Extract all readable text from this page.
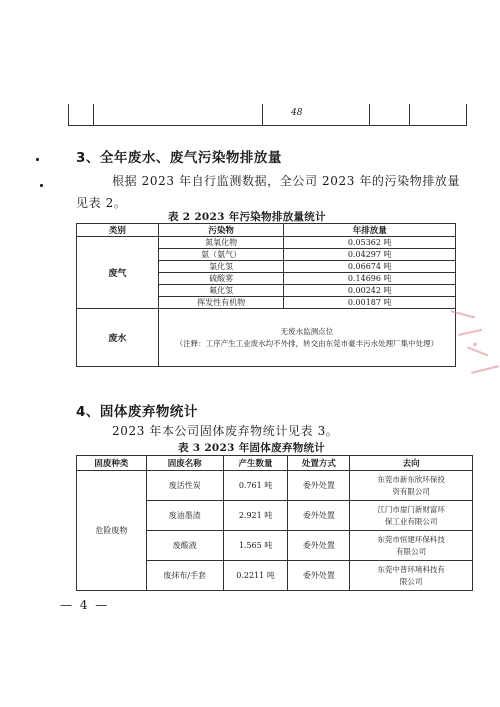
48
3、全年废水、废气污染物排放量
根据 2023 年自行监测数据，全公司 2023 年的污染物排放量
见表 2。
表 2 2023 年污染物排放量统计
类别	污染物	年排放量
废气	氮氧化物	0.05362 吨
	氨（氨气）	0.04297 吨
	氯化氢	0.06674 吨
	硫酸雾	0.14696 吨
	氟化氢	0.00242 吨
	挥发性有机物	0.00187 吨
废水	无废水监测点位
（注释：工序产生工业废水均不外排，转交由东莞市豪丰污水处理厂集中处理）	
4、固体废弃物统计
2023 年本公司固体废弃物统计见表 3。
表 3 2023 年固体废弃物统计
固废种类	固废名称	产生数量	处置方式	去向
危险废物	废活性炭	0.761 吨	委外处置	东莞市新东欣环保投
资有限公司

	废油墨渣	2.921 吨	委外处置	江门市崖门新财富环
保工业有限公司

	废酸液	1.565 吨	委外处置	东莞市恒建环保科技
有限公司

	废抹布/手套	0.2211 吨	委外处置	东莞中普环境科技有
限公司
— 4 —
